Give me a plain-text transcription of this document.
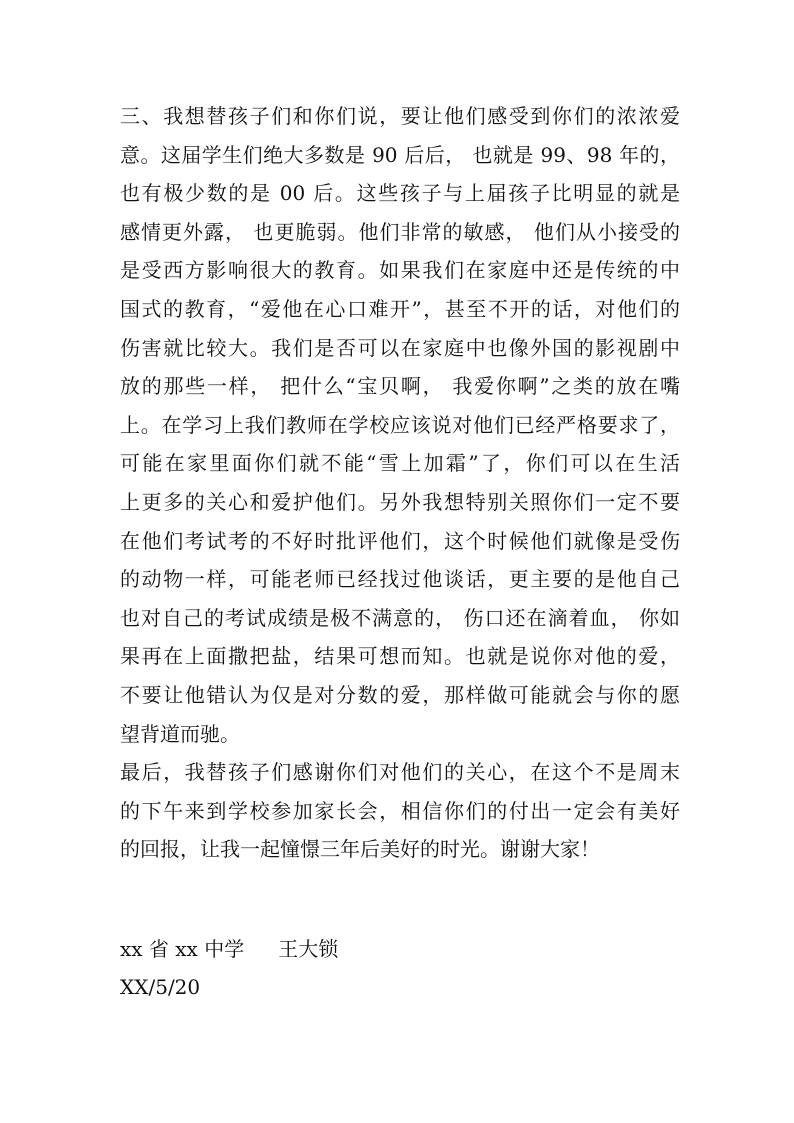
三、我想替孩子们和你们说，要让他们感受到你们的浓浓爱
意。这届学生们绝大多数是 90 后后， 也就是 99、98 年的，
也有极少数的是 00 后。这些孩子与上届孩子比明显的就是
感情更外露， 也更脆弱。他们非常的敏感， 他们从小接受的
是受西方影响很大的教育。如果我们在家庭中还是传统的中
国式的教育，“爱他在心口难开”，甚至不开的话，对他们的
伤害就比较大。我们是否可以在家庭中也像外国的影视剧中
放的那些一样， 把什么“宝贝啊， 我爱你啊”之类的放在嘴
上。在学习上我们教师在学校应该说对他们已经严格要求了，
可能在家里面你们就不能“雪上加霜”了，你们可以在生活
上更多的关心和爱护他们。另外我想特别关照你们一定不要
在他们考试考的不好时批评他们，这个时候他们就像是受伤
的动物一样，可能老师已经找过他谈话，更主要的是他自己
也对自己的考试成绩是极不满意的， 伤口还在滴着血， 你如
果再在上面撒把盐，结果可想而知。也就是说你对他的爱，
不要让他错认为仅是对分数的爱，那样做可能就会与你的愿
望背道而驰。
最后，我替孩子们感谢你们对他们的关心，在这个不是周末
的下午来到学校参加家长会，相信你们的付出一定会有美好
的回报，让我一起憧憬三年后美好的时光。谢谢大家！
xx 省 xx 中学 王大锁
XX/5/20
